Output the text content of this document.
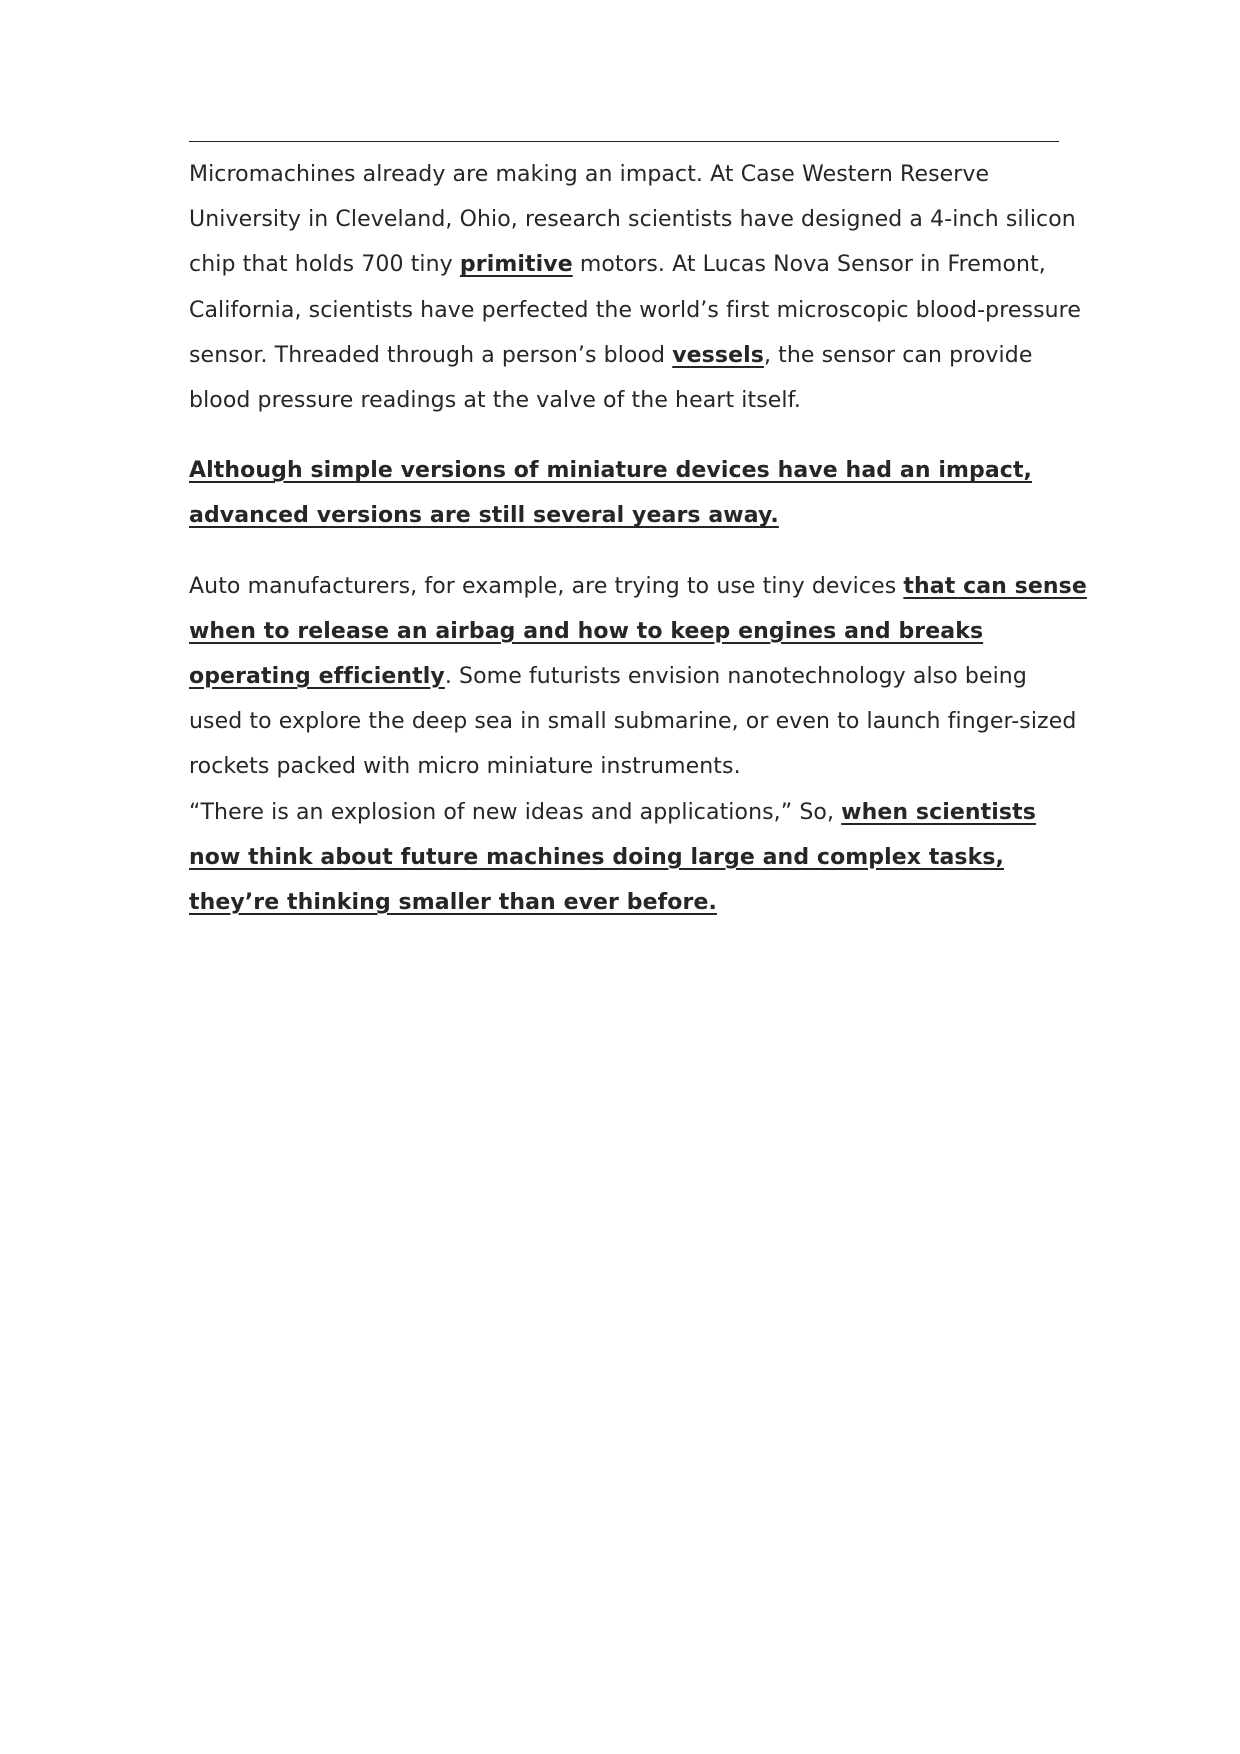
Micromachines already are making an impact. At Case Western Reserve

University in Cleveland, Ohio, research scientists have designed a 4-inch silicon

chip that holds 700 tiny primitive motors. At Lucas Nova Sensor in Fremont,

California, scientists have perfected the world’s first microscopic blood-pressure

sensor. Threaded through a person’s blood vessels, the sensor can provide

blood pressure readings at the valve of the heart itself.

Although simple versions of miniature devices have had an impact,

advanced versions are still several years away.

Auto manufacturers, for example, are trying to use tiny devices that can sense

when to release an airbag and how to keep engines and breaks

operating efficiently. Some futurists envision nanotechnology also being

used to explore the deep sea in small submarine, or even to launch finger-sized

rockets packed with micro miniature instruments.

“There is an explosion of new ideas and applications,” So, when scientists

now think about future machines doing large and complex tasks,

they’re thinking smaller than ever before.
